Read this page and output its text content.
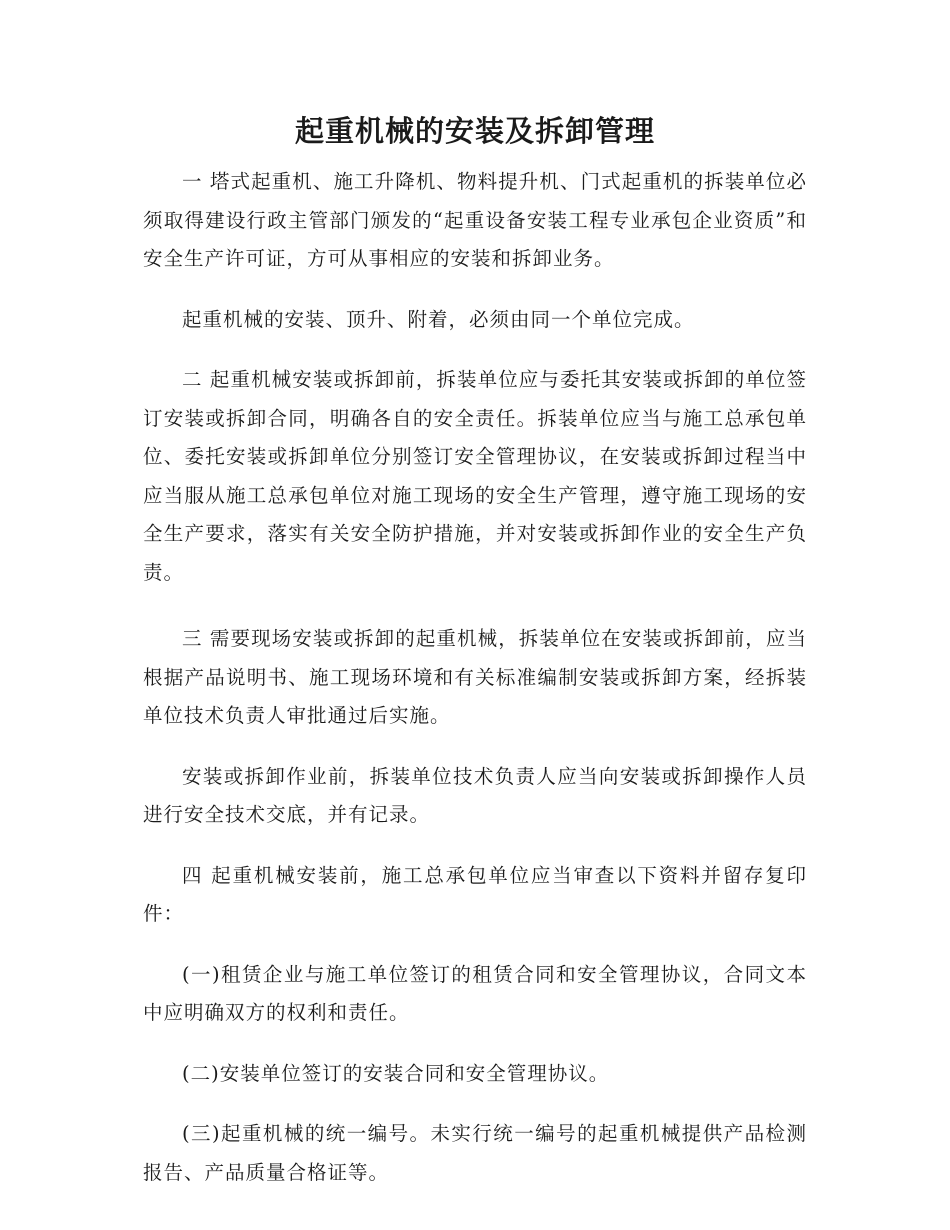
起重机械的安装及拆卸管理

一 塔式起重机、施工升降机、物料提升机、门式起重机的拆装单位必须取得建设行政主管部门颁发的“起重设备安装工程专业承包企业资质”和安全生产许可证，方可从事相应的安装和拆卸业务。

起重机械的安装、顶升、附着，必须由同一个单位完成。

二 起重机械安装或拆卸前，拆装单位应与委托其安装或拆卸的单位签订安装或拆卸合同，明确各自的安全责任。拆装单位应当与施工总承包单位、委托安装或拆卸单位分别签订安全管理协议，在安装或拆卸过程当中应当服从施工总承包单位对施工现场的安全生产管理，遵守施工现场的安全生产要求，落实有关安全防护措施，并对安装或拆卸作业的安全生产负责。

三 需要现场安装或拆卸的起重机械，拆装单位在安装或拆卸前，应当根据产品说明书、施工现场环境和有关标准编制安装或拆卸方案，经拆装单位技术负责人审批通过后实施。

安装或拆卸作业前，拆装单位技术负责人应当向安装或拆卸操作人员进行安全技术交底，并有记录。

四 起重机械安装前，施工总承包单位应当审查以下资料并留存复印件：

(一)租赁企业与施工单位签订的租赁合同和安全管理协议，合同文本中应明确双方的权利和责任。

(二)安装单位签订的安装合同和安全管理协议。

(三)起重机械的统一编号。未实行统一编号的起重机械提供产品检测报告、产品质量合格证等。
